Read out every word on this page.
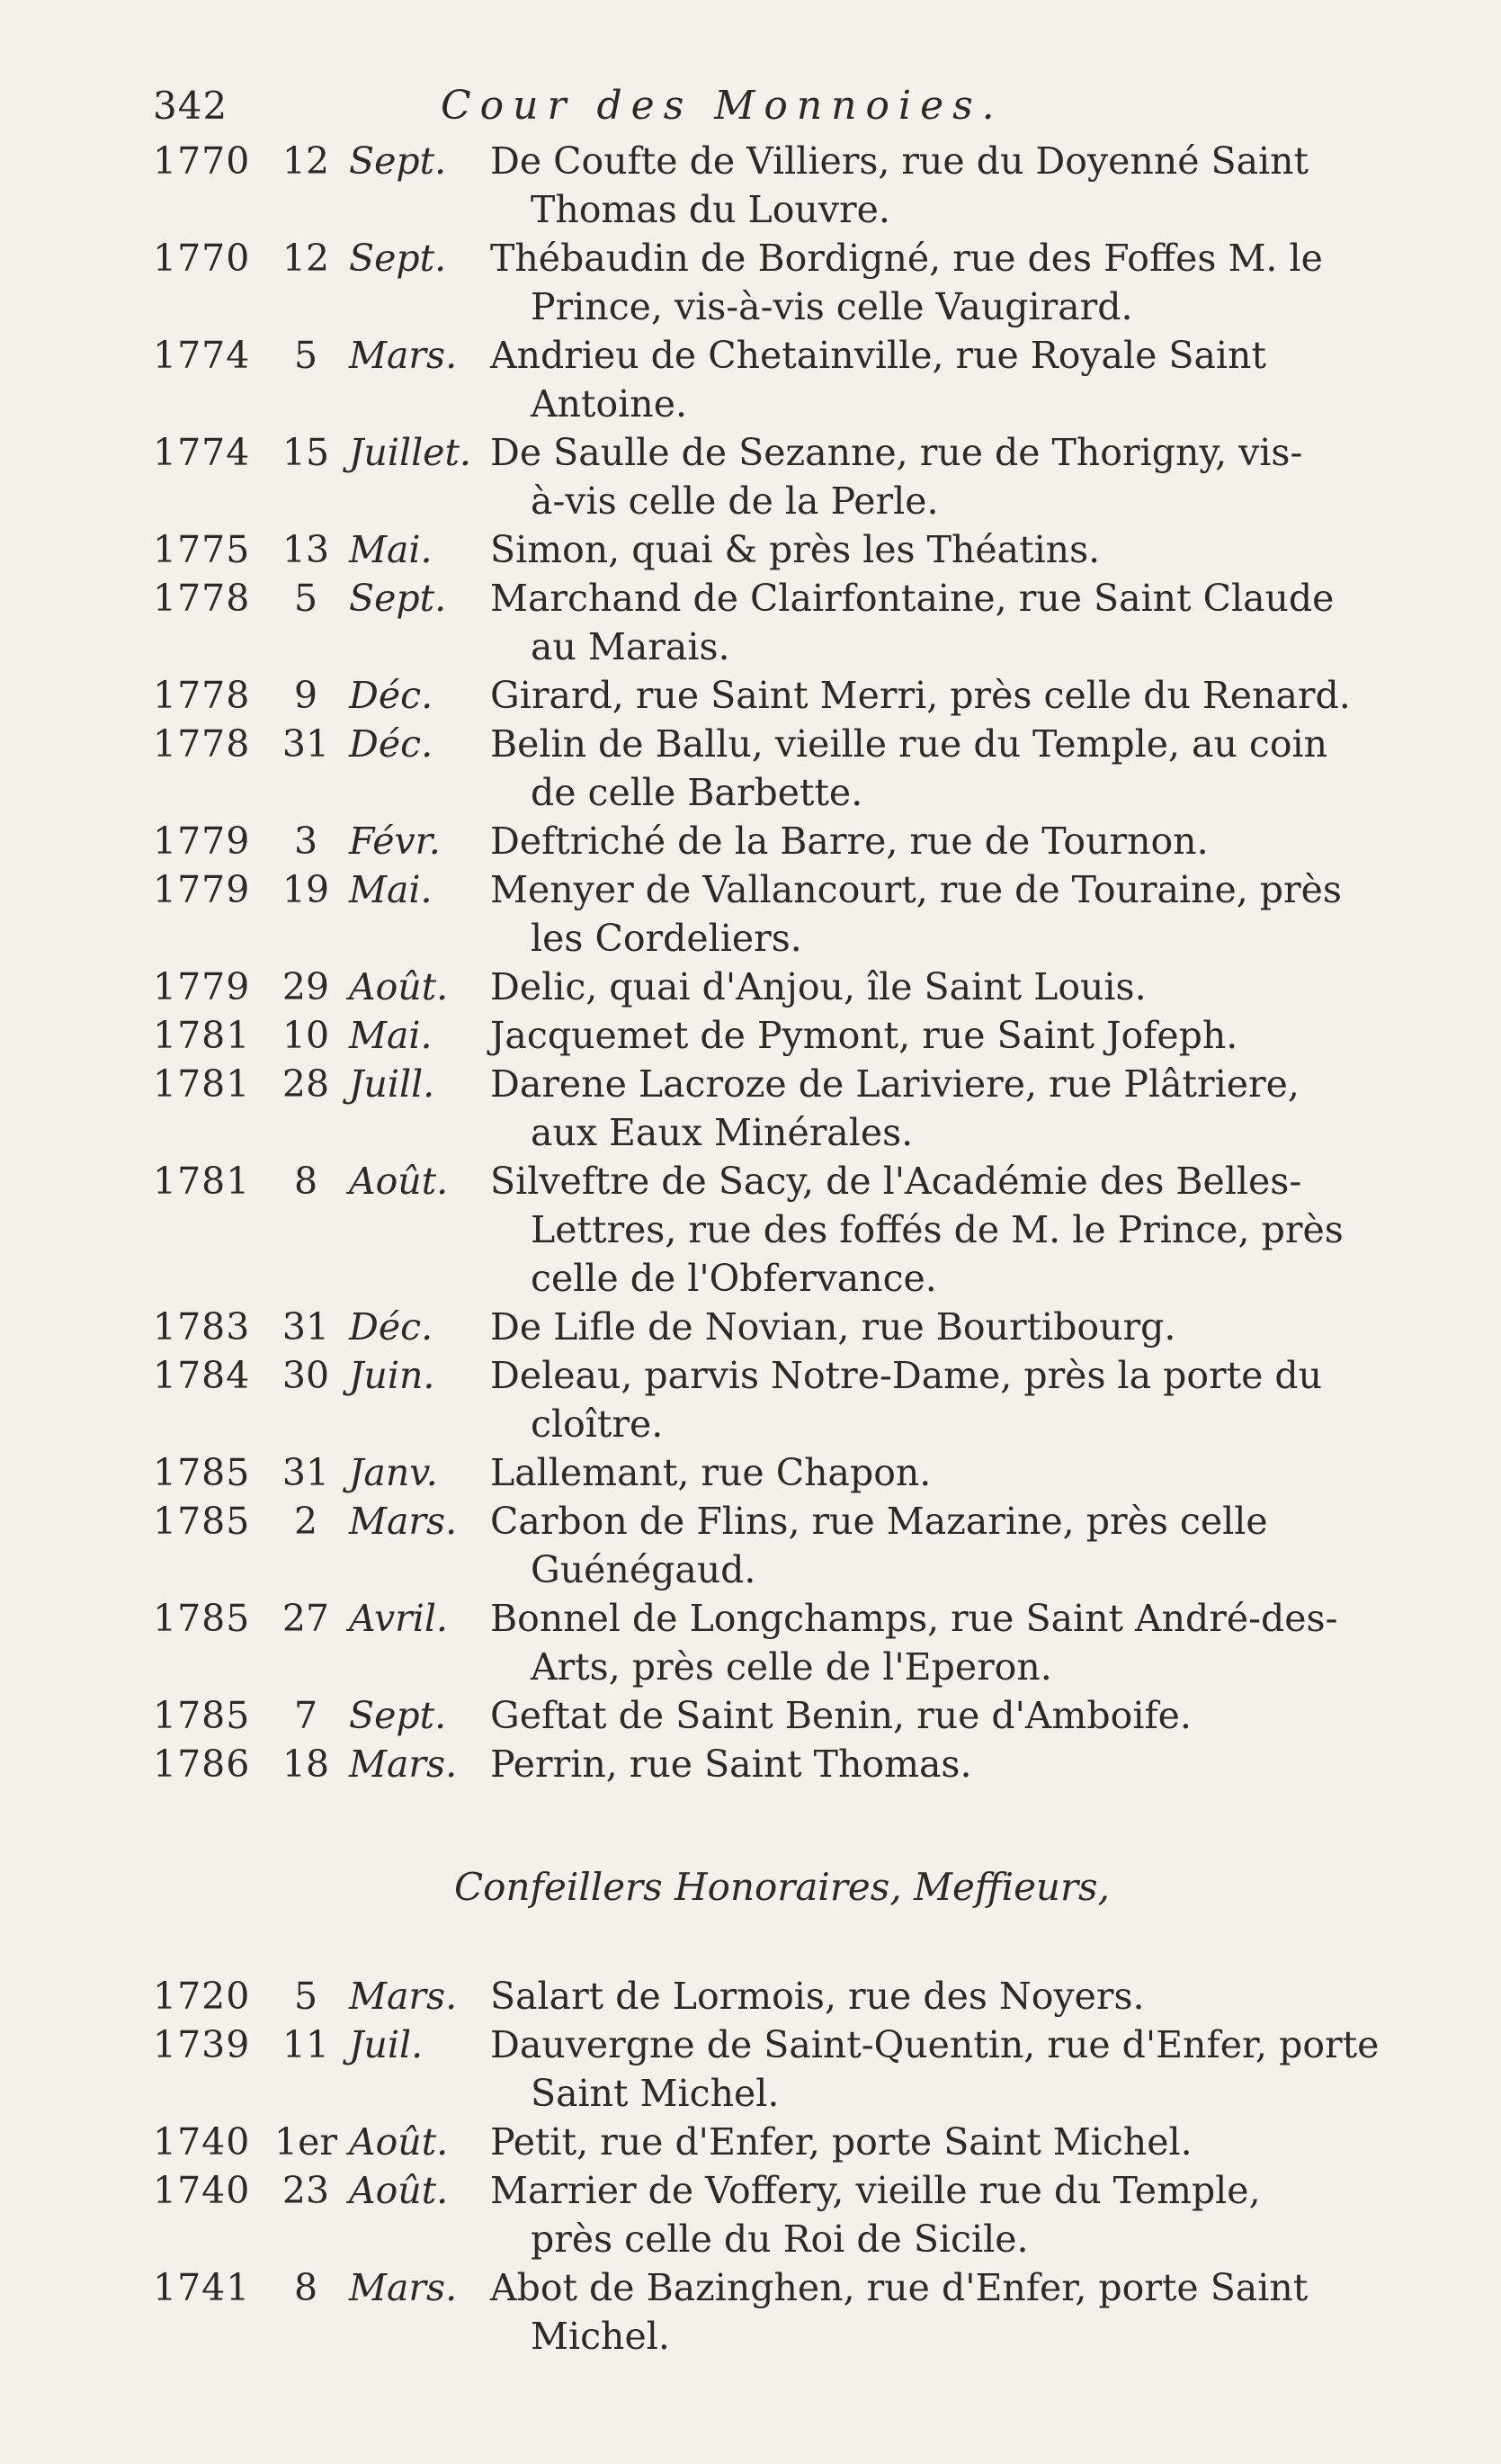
342	Cour des Monnoies.
1770 12 Sept. De Coufte de Villiers, rue du Doyenné Saint
Thomas du Louvre.
1770 12 Sept. Thébaudin de Bordigné, rue des Foffes M. le
Prince, vis-à-vis celle Vaugirard.
1774	5 Mars. Andrieu de Chetainville, rue Royale Saint
Antoine.
1774 15 Juillet. De Saulle de Sezanne, rue de Thorigny, vis-
à-vis celle de la Perle.
1775 13 Mai. Simon, quai & près les Théatins.
1778	5 Sept. Marchand de Clairfontaine, rue Saint Claude
au Marais.
1778	9 Déc. Girard, rue Saint Merri, près celle du Renard.
1778 31 Déc. Belin de Ballu, vieille rue du Temple, au coin
de celle Barbette.
1779	3 Févr. Deftriché de la Barre, rue de Tournon.
1779 19 Mai. Menyer de Vallancourt, rue de Touraine, près
les Cordeliers.
1779 29 Août. Delic, quai d'Anjou, île Saint Louis.
1781 10 Mai. Jacquemet de Pymont, rue Saint Jofeph.
1781 28 Juill. Darene Lacroze de Lariviere, rue Plâtriere,
aux Eaux Minérales.
1781	8 Août. Silveftre de Sacy, de l'Académie des Belles-
Lettres, rue des foffés de M. le Prince, près
celle de l'Obfervance.
1783 31 Déc. De Lifle de Novian, rue Bourtibourg.
1784 30 Juin. Deleau, parvis Notre-Dame, près la porte du
cloître.
1785 31 Janv. Lallemant, rue Chapon.
1785	2 Mars. Carbon de Flins, rue Mazarine, près celle
Guénégaud.
1785 27 Avril. Bonnel de Longchamps, rue Saint André-des-
Arts, près celle de l'Eperon.
1785	7 Sept. Geftat de Saint Benin, rue d'Amboife.
1786 18 Mars. Perrin, rue Saint Thomas.
Confeillers Honoraires, Meffieurs,
1720	5 Mars. Salart de Lormois, rue des Noyers.
1739 11 Juil. Dauvergne de Saint-Quentin, rue d'Enfer, porte
Saint Michel.
1740 1er Août. Petit, rue d'Enfer, porte Saint Michel.
1740 23 Août. Marrier de Voffery, vieille rue du Temple,
près celle du Roi de Sicile.
1741	8 Mars. Abot de Bazinghen, rue d'Enfer, porte Saint
Michel.
